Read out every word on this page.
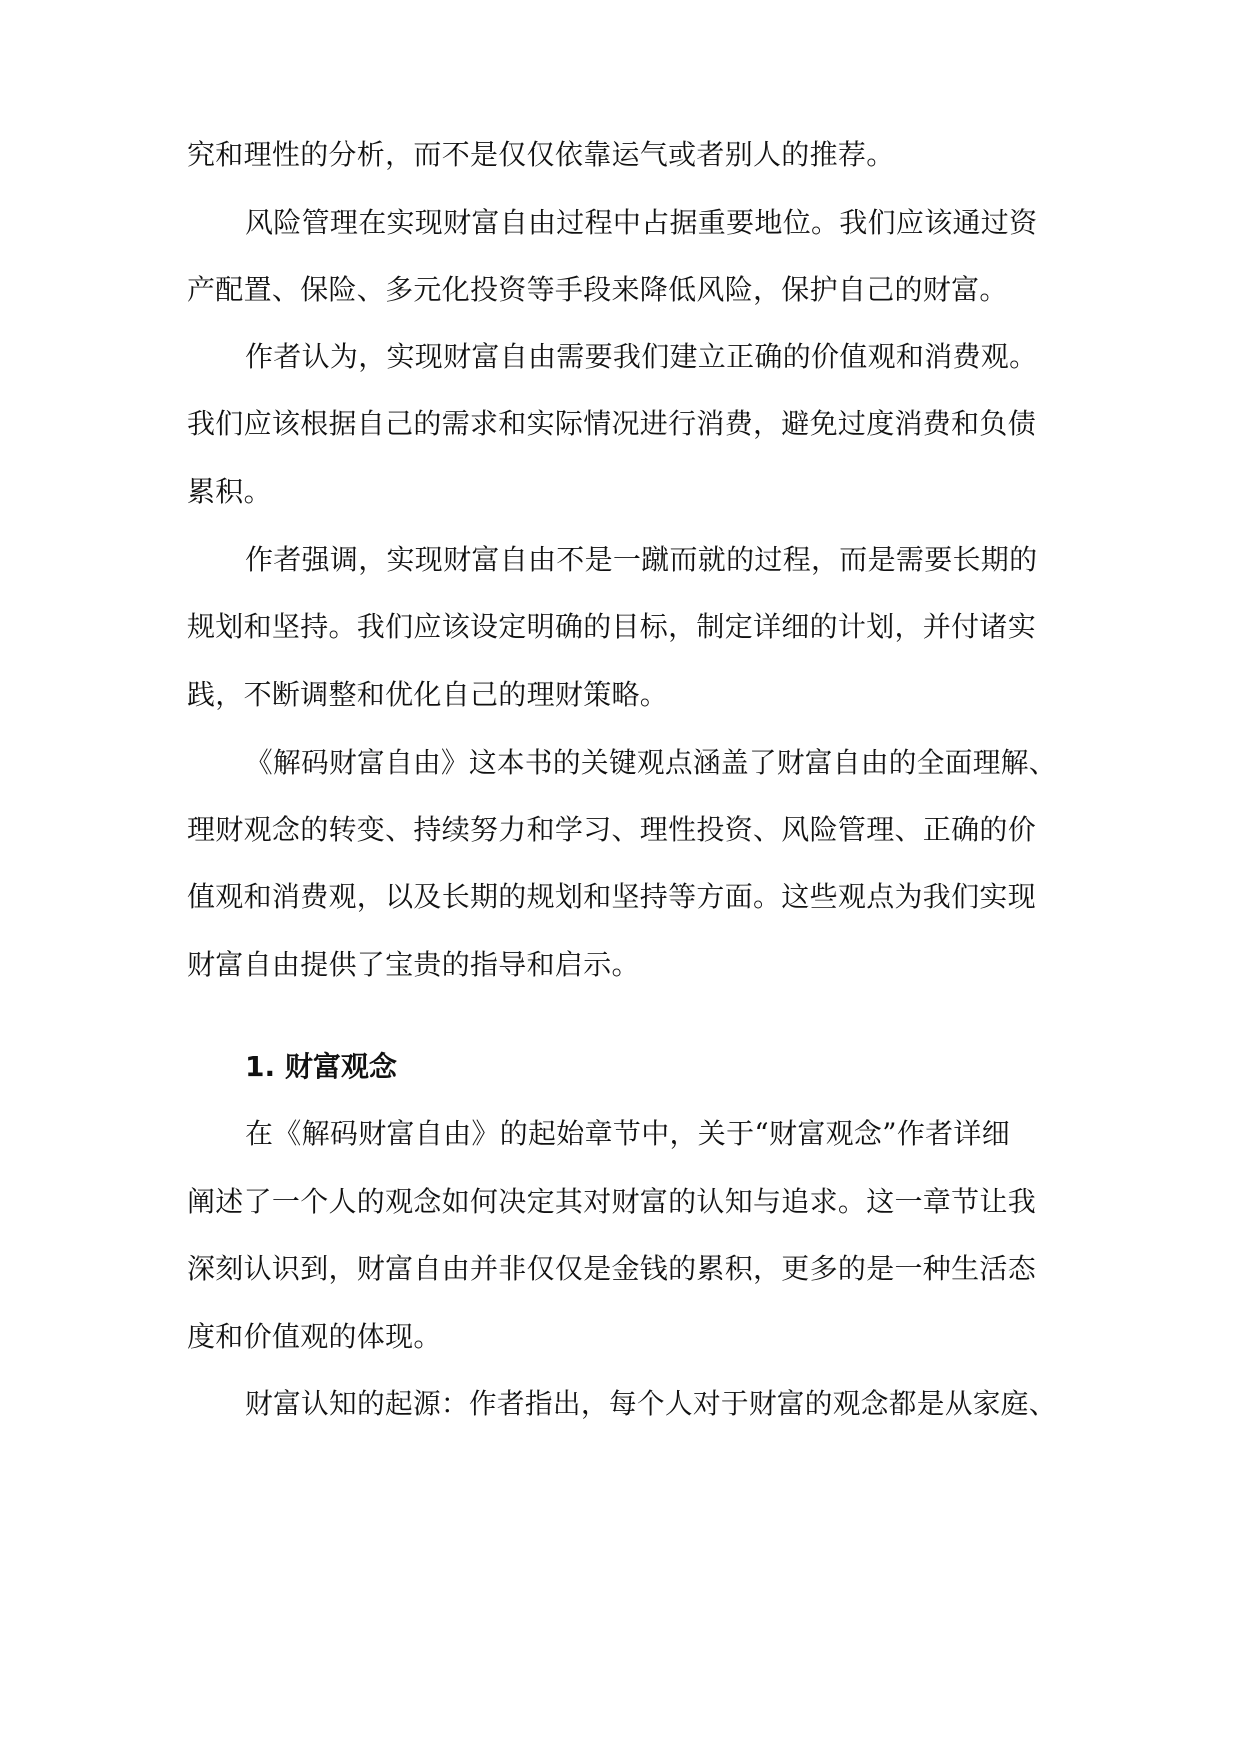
究和理性的分析，而不是仅仅依靠运气或者别人的推荐。
风险管理在实现财富自由过程中占据重要地位。我们应该通过资
产配置、保险、多元化投资等手段来降低风险，保护自己的财富。
作者认为，实现财富自由需要我们建立正确的价值观和消费观。
我们应该根据自己的需求和实际情况进行消费，避免过度消费和负债
累积。
作者强调，实现财富自由不是一蹴而就的过程，而是需要长期的
规划和坚持。我们应该设定明确的目标，制定详细的计划，并付诸实
践，不断调整和优化自己的理财策略。
《解码财富自由》这本书的关键观点涵盖了财富自由的全面理解、
理财观念的转变、持续努力和学习、理性投资、风险管理、正确的价
值观和消费观，以及长期的规划和坚持等方面。这些观点为我们实现
财富自由提供了宝贵的指导和启示。
1. 财富观念
在《解码财富自由》的起始章节中，关于“财富观念”作者详细
阐述了一个人的观念如何决定其对财富的认知与追求。这一章节让我
深刻认识到，财富自由并非仅仅是金钱的累积，更多的是一种生活态
度和价值观的体现。
财富认知的起源：作者指出，每个人对于财富的观念都是从家庭、
